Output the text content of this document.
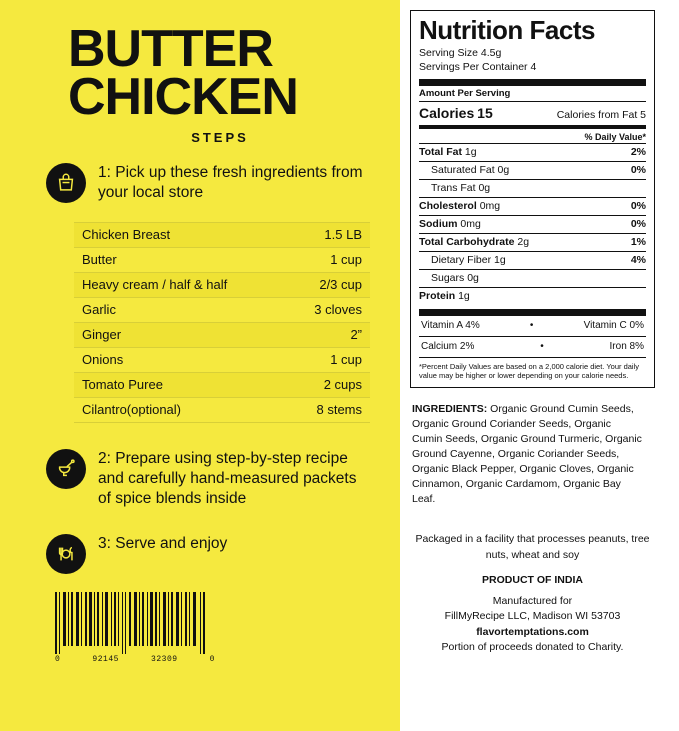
BUTTER
CHICKEN
STEPS
1: Pick up these fresh ingredients from your local store
Chicken Breast	1.5 LB
Butter	1 cup
Heavy cream / half & half	2/3 cup
Garlic	3 cloves
Ginger	2”
Onions	1 cup
Tomato Puree	2 cups
Cilantro(optional)	8 stems
2: Prepare using step-by-step recipe and carefully hand-measured packets of spice blends inside
3: Serve and enjoy
0	92145	32309	0
Nutrition Facts
Serving Size 4.5g
Servings Per Container 4
Amount Per Serving
Calories 15	Calories from Fat 5
% Daily Value*
Total Fat 1g	2%
Saturated Fat 0g	0%
Trans Fat 0g
Cholesterol 0mg	0%
Sodium 0mg	0%
Total Carbohydrate 2g	1%
Dietary Fiber 1g	4%
Sugars 0g
Protein 1g
Vitamin A 4%	•	Vitamin C 0%
Calcium 2%	•	Iron 8%
*Percent Daily Values are based on a 2,000 calorie diet. Your daily value may be higher or lower depending on your calorie needs.
INGREDIENTS: Organic Ground Cumin Seeds, Organic Ground Coriander Seeds, Organic Cumin Seeds, Organic Ground Turmeric, Organic Ground Cayenne, Organic Coriander Seeds, Organic Black Pepper, Organic Cloves, Organic Cinnamon, Organic Cardamom, Organic Bay Leaf.
Packaged in a facility that processes peanuts, tree nuts, wheat and soy
PRODUCT OF INDIA
Manufactured for
FillMyRecipe LLC, Madison WI 53703
flavortemptations.com
Portion of proceeds donated to Charity.
